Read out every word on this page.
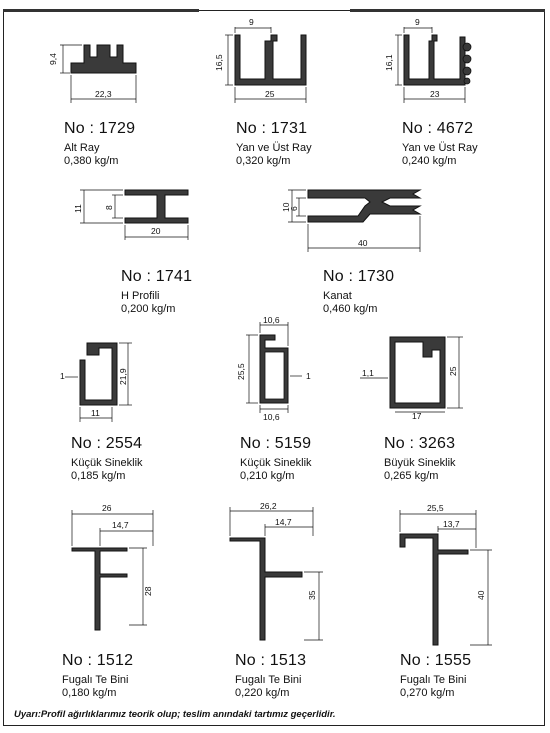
9,4
22,3
9
16,5
25
9
16,1
23
No : 1729
Alt Ray
0,380 kg/m
No : 1731
Yan ve Üst Ray
0,320 kg/m
No : 4672
Yan ve Üst Ray
0,240 kg/m
11 8
20
10
6
40
No : 1741
H Profili
0,200 kg/m
No : 1730
Kanat
0,460 kg/m
1	21,9
11
10,6
25,5	1
10,6
1,1	25
17
No : 2554
Küçük Sineklik
0,185 kg/m
No : 5159
Küçük Sineklik
0,210 kg/m
No : 3263
Büyük Sineklik
0,265 kg/m
26
14,7
28
26,2
14,7
35
25,5
13,7
40
No : 1512
Fugalı Te Bini
0,180 kg/m
No : 1513
Fugalı Te Bini
0,220 kg/m
No : 1555
Fugalı Te Bini
0,270 kg/m
Uyarı:Profil ağırlıklarımız teorik olup; teslim anındaki tartımız geçerlidir.
